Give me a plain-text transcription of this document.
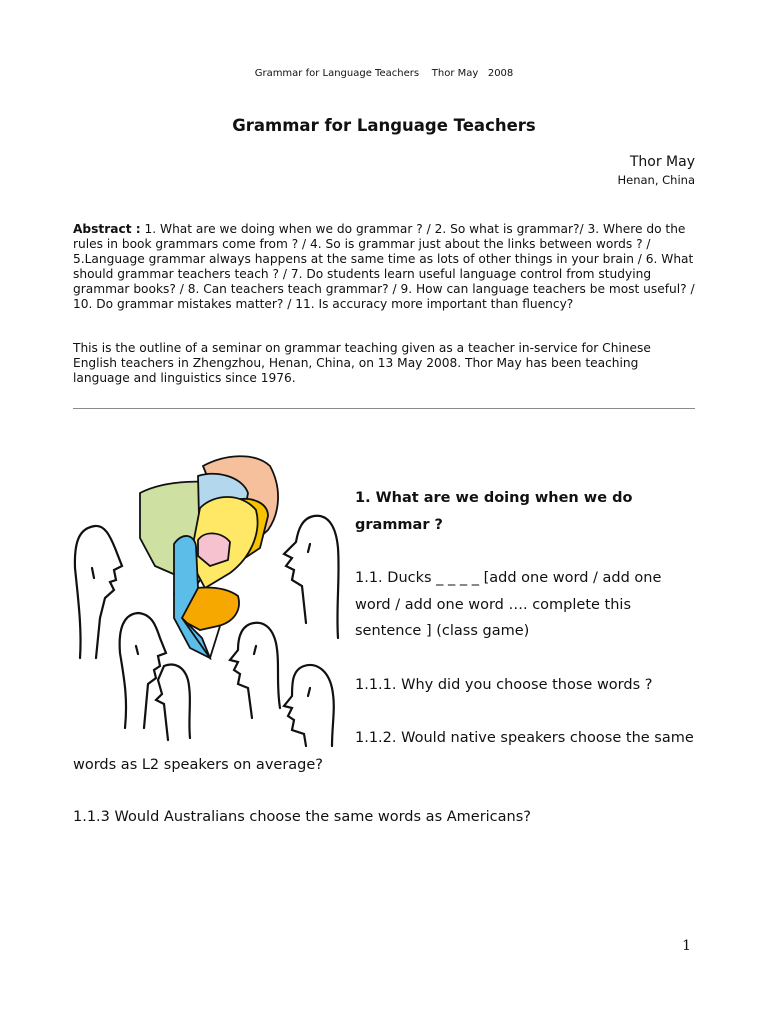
Grammar for Language Teachers    Thor May   2008
Grammar for Language Teachers
Thor May
Henan, China
Abstract : 1. What are we doing when we do grammar ? / 2. So what is grammar?/ 3. Where do the rules in book grammars come from ? / 4. So is grammar just about the links between words ? / 5.Language grammar always happens at the same time as lots of other things in your brain / 6. What should grammar teachers teach ? / 7. Do students learn useful language control from studying grammar books? / 8. Can teachers teach grammar? / 9. How can language teachers be most useful? / 10. Do grammar mistakes matter? / 11. Is accuracy more important than fluency?
This is the outline of a seminar on grammar teaching given as a teacher in-service for Chinese English teachers in Zhengzhou, Henan, China, on 13 May 2008. Thor May has been teaching language and linguistics since 1976.
1. What are we doing when we do grammar ?
1.1. Ducks _ _ _ _ [add one word / add one word / add one word …. complete this sentence ] (class game)
1.1.1. Why did you choose those words ?
1.1.2. Would native speakers choose the same words as L2 speakers on average?
1.1.3 Would Australians choose the same words as Americans?
1
